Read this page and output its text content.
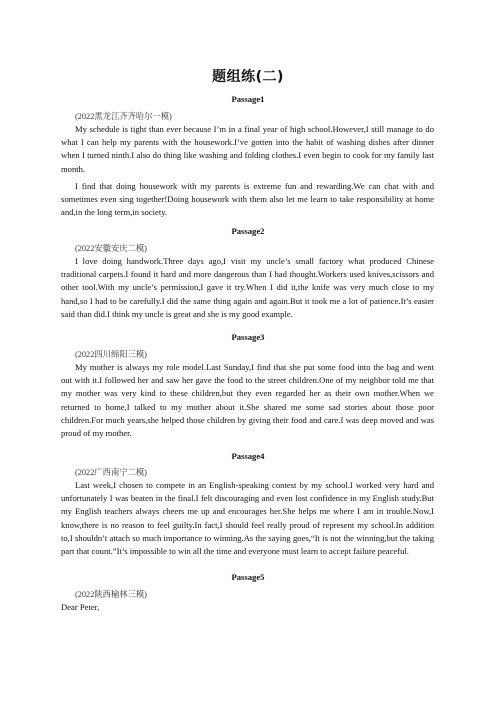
题组练(二)
Passage1
(2022黑龙江齐齐哈尔一模)

My schedule is tight than ever because I’m in a final year of high school.However,I still manage to do what I can help my parents with the housework.I’ve gotten into the habit of washing dishes after dinner when I turned ninth.I also do thing like washing and folding clothes.I even begin to cook for my family last month.

I find that doing housework with my parents is extreme fun and rewarding.We can chat with and sometimes even sing together!Doing housework with them also let me learn to take responsibility at home and,in the long term,in society.

Passage2
(2022安徽安庆二模)

I love doing handwork.Three days ago,I visit my uncle’s small factory what produced Chinese traditional carpets.I found it hard and more dangerous than I had thought.Workers used knives,scissors and other tool.With my uncle’s permission,I gave it try.When I did it,the knife was very much close to my hand,so I had to be carefully.I did the same thing again and again.But it took me a lot of patience.It’s easier said than did.I think my uncle is great and she is my good example.

Passage3
(2022四川绵阳三模)

My mother is always my role model.Last Sunday,I find that she put some food into the bag and went out with it.I followed her and saw her gave the food to the street children.One of my neighbor told me that my mother was very kind to these children,but they even regarded her as their own mother.When we returned to home,I talked to my mother about it.She shared me some sad stories about those poor children.For much years,she helped those children by giving their food and care.I was deep moved and was proud of my mother.

Passage4
(2022广西南宁二模)

Last week,I chosen to compete in an English-speaking contest by my school.I worked very hard and unfortunately I was beaten in the final.I felt discouraging and even lost confidence in my English study.But my English teachers always cheers me up and encourages her.She helps me where I am in trouble.Now,I know,there is no reason to feel guilty.In fact,I should feel really proud of represent my school.In addition to,I shouldn’t attach so much importance to winning.As the saying goes,“It is not the winning,but the taking part that count.”It’s impossible to win all the time and everyone must learn to accept failure peaceful.

Passage5
(2022陕西榆林三模)
Dear Peter,
